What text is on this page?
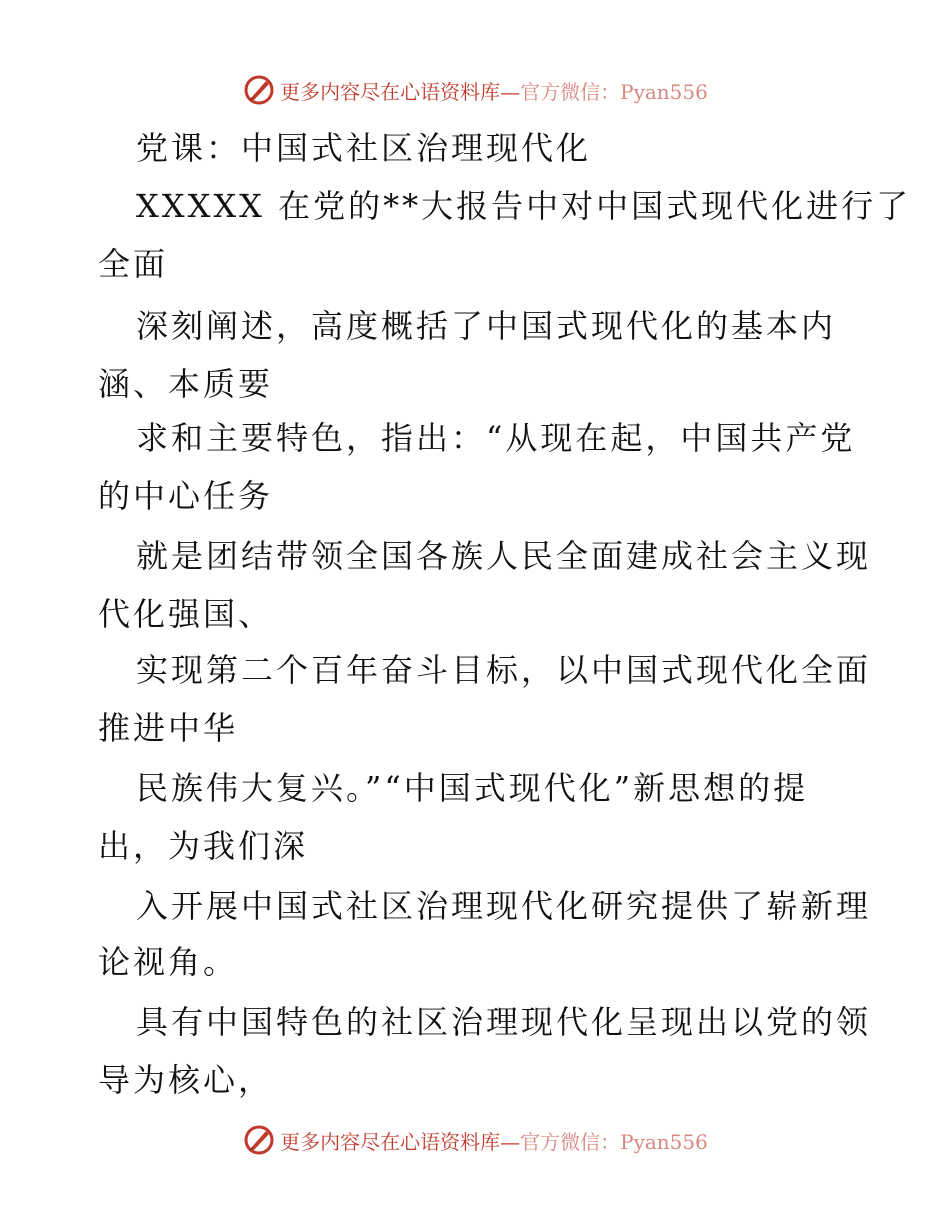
更多内容尽在心语资料库—官方微信：Pyan556
党课：中国式社区治理现代化
XXXXX 在党的**大报告中对中国式现代化进行了
全面
深刻阐述，高度概括了中国式现代化的基本内
涵、本质要
求和主要特色，指出：“从现在起，中国共产党
的中心任务
就是团结带领全国各族人民全面建成社会主义现
代化强国、
实现第二个百年奋斗目标，以中国式现代化全面
推进中华
民族伟大复兴。”“中国式现代化”新思想的提
出，为我们深
入开展中国式社区治理现代化研究提供了崭新理
论视角。
具有中国特色的社区治理现代化呈现出以党的领
导为核心，
更多内容尽在心语资料库—官方微信：Pyan556
